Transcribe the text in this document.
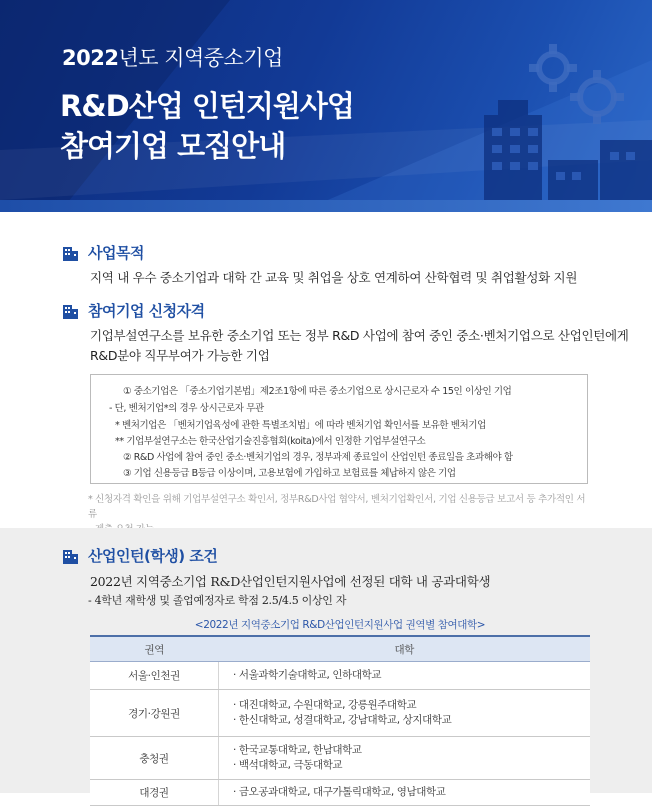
2022년도 지역중소기업
R&D산업 인턴지원사업
참여기업 모집안내
사업목적
지역 내 우수 중소기업과 대학 간 교육 및 취업을 상호 연계하여 산학협력 및 취업활성화 지원
참여기업 신청자격
기업부설연구소를 보유한 중소기업 또는 정부 R&D 사업에 참여 중인 중소·벤처기업으로 산업인턴에게
R&D분야 직무부여가 가능한 기업
① 중소기업은 「중소기업기본법」제2조1항에 따른 중소기업으로 상시근로자 수 15인 이상인 기업
- 단, 벤처기업*의 경우 상시근로자 무관
* 벤처기업은 「벤처기업육성에 관한 특별조치법」에 따라 벤처기업 확인서를 보유한 벤처기업
** 기업부설연구소는 한국산업기술진흥협회(koita)에서 인정한 기업부설연구소
② R&D 사업에 참여 중인 중소·벤처기업의 경우, 정부과제 종료일이 산업인턴 종료일을 초과해야 함
③ 기업 신용등급 B등급 이상이며, 고용보험에 가입하고 보험료를 체납하지 않은 기업
* 신청자격 확인을 위해 기업부설연구소 확인서, 정부R&D사업 협약서, 벤처기업확인서, 기업 신용등급 보고서 등 추가적인 서류
산업인턴(학생) 조건
2022년 지역중소기업 R&D산업인턴지원사업에 선정된 대학 내 공과대학생
- 4학년 재학생 및 졸업예정자로 학점 2.5/4.5 이상인 자
<2022년 지역중소기업 R&D산업인턴지원사업 권역별 참여대학>
권역	대학
서울·인천권	· 서울과학기술대학교, 인하대학교

경기·강원권	· 대진대학교, 수원대학교, 강릉원주대학교
· 한신대학교, 성결대학교, 강남대학교, 상지대학교

충청권	· 한국교통대학교, 한남대학교
· 백석대학교, 극동대학교

대경권	· 금오공과대학교, 대구가톨릭대학교, 영남대학교
